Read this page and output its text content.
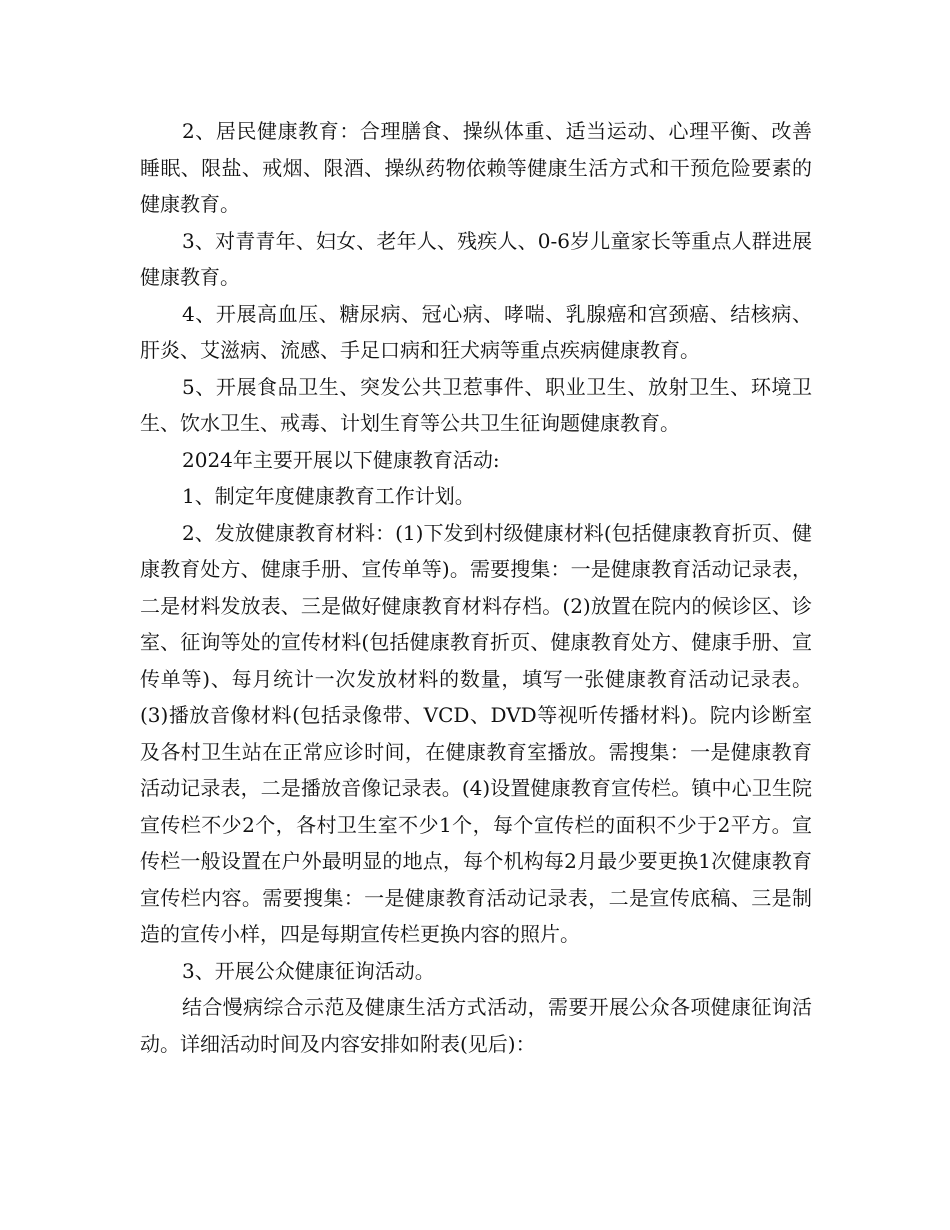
2、居民健康教育：合理膳食、操纵体重、适当运动、心理平衡、改善睡眠、限盐、戒烟、限酒、操纵药物依赖等健康生活方式和干预危险要素的健康教育。

3、对青青年、妇女、老年人、残疾人、0-6岁儿童家长等重点人群进展健康教育。

4、开展高血压、糖尿病、冠心病、哮喘、乳腺癌和宫颈癌、结核病、肝炎、艾滋病、流感、手足口病和狂犬病等重点疾病健康教育。

5、开展食品卫生、突发公共卫惹事件、职业卫生、放射卫生、环境卫生、饮水卫生、戒毒、计划生育等公共卫生征询题健康教育。

2024年主要开展以下健康教育活动:

1、制定年度健康教育工作计划。

2、发放健康教育材料：(1)下发到村级健康材料(包括健康教育折页、健康教育处方、健康手册、宣传单等)。需要搜集：一是健康教育活动记录表，二是材料发放表、三是做好健康教育材料存档。(2)放置在院内的候诊区、诊室、征询等处的宣传材料(包括健康教育折页、健康教育处方、健康手册、宣传单等)、每月统计一次发放材料的数量，填写一张健康教育活动记录表。(3)播放音像材料(包括录像带、VCD、DVD等视听传播材料)。院内诊断室及各村卫生站在正常应诊时间，在健康教育室播放。需搜集：一是健康教育活动记录表，二是播放音像记录表。(4)设置健康教育宣传栏。镇中心卫生院宣传栏不少2个，各村卫生室不少1个，每个宣传栏的面积不少于2平方。宣传栏一般设置在户外最明显的地点，每个机构每2月最少要更换1次健康教育宣传栏内容。需要搜集：一是健康教育活动记录表，二是宣传底稿、三是制造的宣传小样，四是每期宣传栏更换内容的照片。

3、开展公众健康征询活动。

结合慢病综合示范及健康生活方式活动，需要开展公众各项健康征询活动。详细活动时间及内容安排如附表(见后)：
